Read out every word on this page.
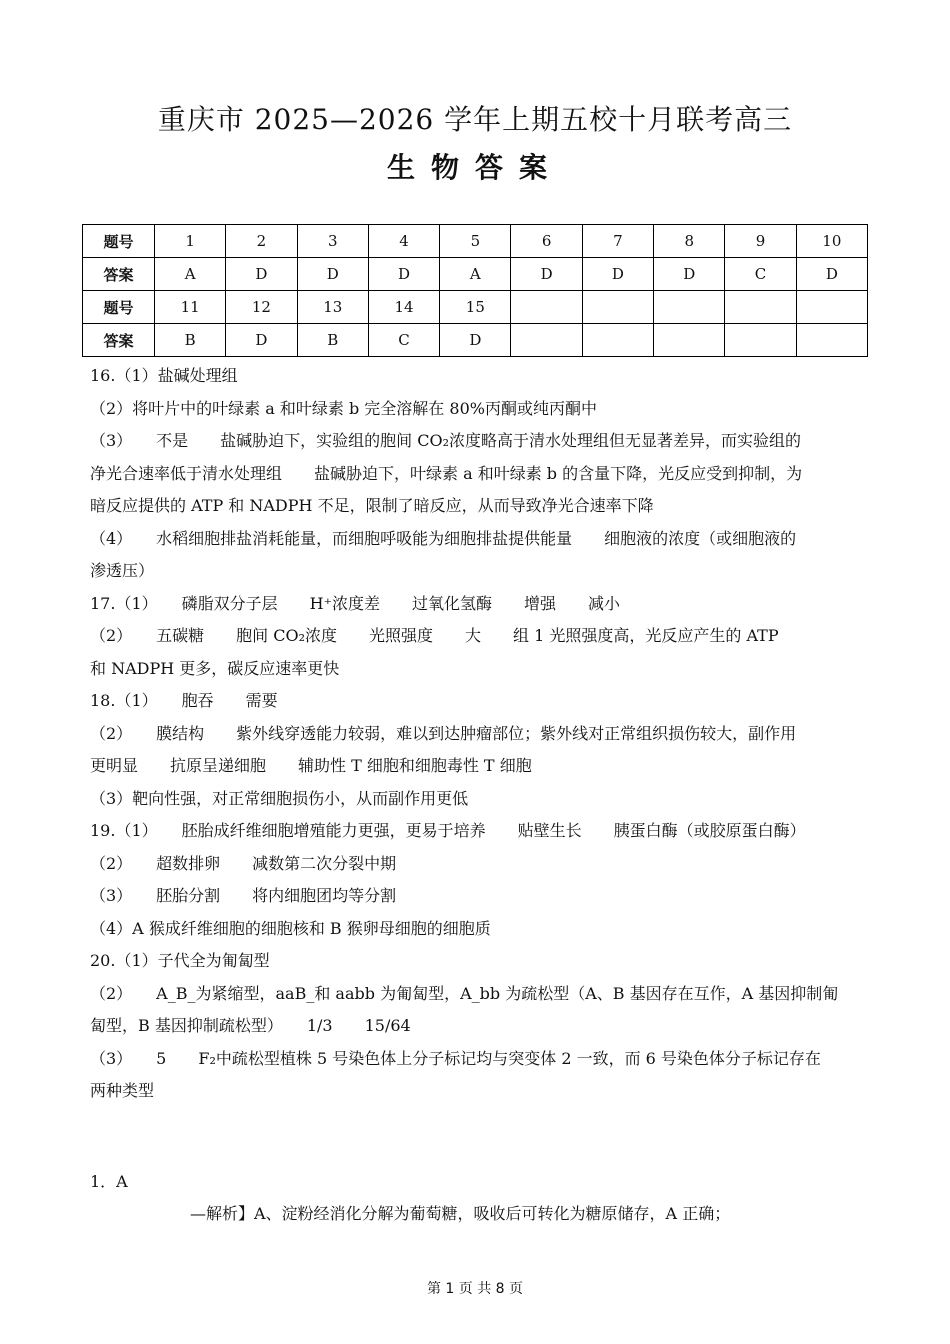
重庆市 2025—2026 学年上期五校十月联考高三
生物答案
题号	1	2	3	4	5	6	7	8	9	10
答案	A	D	D	D	A	D	D	D	C	D
题号	11	12	13	14	15					
答案	B	D	B	C	D					

16.（1）盐碱处理组

（2）将叶片中的叶绿素 a 和叶绿素 b 完全溶解在 80%丙酮或纯丙酮中

（3）　　不是　　盐碱胁迫下，实验组的胞间 CO₂浓度略高于清水处理组但无显著差异，而实验组的

净光合速率低于清水处理组　　盐碱胁迫下，叶绿素 a 和叶绿素 b 的含量下降，光反应受到抑制，为

暗反应提供的 ATP 和 NADPH 不足，限制了暗反应，从而导致净光合速率下降

（4）　　水稻细胞排盐消耗能量，而细胞呼吸能为细胞排盐提供能量　　细胞液的浓度（或细胞液的

渗透压）

17.（1）　　磷脂双分子层　　H⁺浓度差　　过氧化氢酶　　增强　　减小

（2）　　五碳糖　　胞间 CO₂浓度　　光照强度　　大　　组 1 光照强度高，光反应产生的 ATP

和 NADPH 更多，碳反应速率更快

18.（1）　　胞吞　　需要

（2）　　膜结构　　紫外线穿透能力较弱，难以到达肿瘤部位；紫外线对正常组织损伤较大，副作用

更明显　　抗原呈递细胞　　辅助性 T 细胞和细胞毒性 T 细胞

（3）靶向性强，对正常细胞损伤小，从而副作用更低

19.（1）　　胚胎成纤维细胞增殖能力更强，更易于培养　　贴壁生长　　胰蛋白酶（或胶原蛋白酶）

（2）　　超数排卵　　减数第二次分裂中期

（3）　　胚胎分割　　将内细胞团均等分割

（4）A 猴成纤维细胞的细胞核和 B 猴卵母细胞的细胞质

20.（1）子代全为匍匐型

（2）　　A_B_为紧缩型，aaB_和 aabb 为匍匐型，A_bb 为疏松型（A、B 基因存在互作，A 基因抑制匍

匐型，B 基因抑制疏松型）　　1/3　　15/64

（3）　　5　　F₂中疏松型植株 5 号染色体上分子标记均与突变体 2 一致，而 6 号染色体分子标记存在

两种类型

1．A

—解析】A、淀粉经消化分解为葡萄糖，吸收后可转化为糖原储存，A 正确；

第 1 页 共 8 页
